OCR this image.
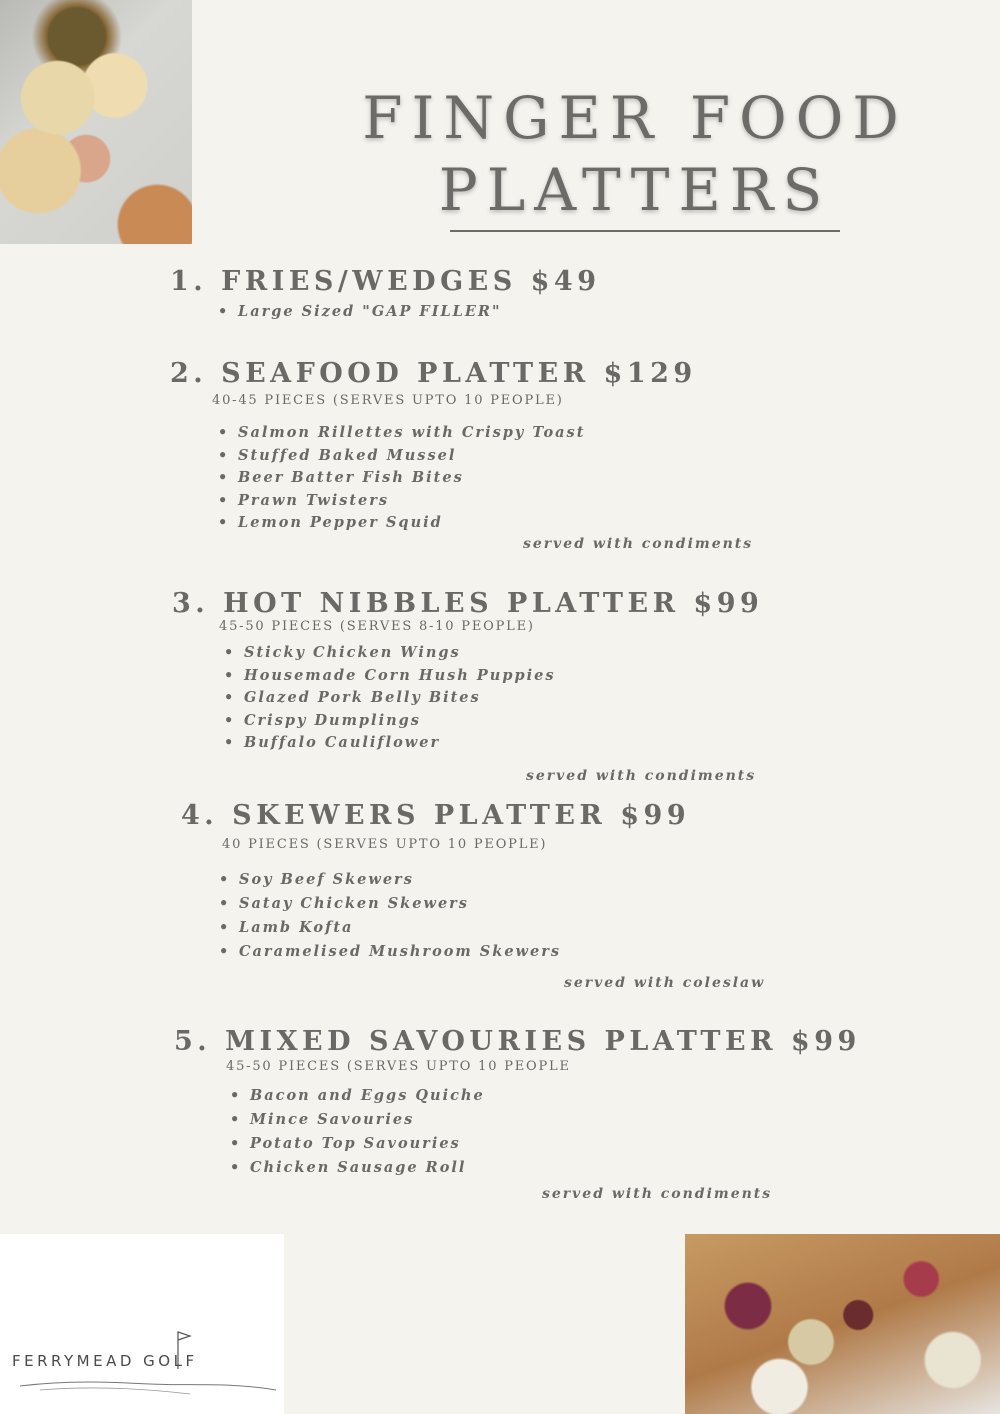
FINGER FOOD
PLATTERS
1. FRIES/WEDGES $49
• Large Sized "GAP FILLER"
2. SEAFOOD PLATTER $129
40-45 PIECES (SERVES UPTO 10 PEOPLE)
• Salmon Rillettes with Crispy Toast
• Stuffed Baked Mussel
• Beer Batter Fish Bites
• Prawn Twisters
• Lemon Pepper Squid
served with condiments
3. HOT NIBBLES PLATTER $99
45-50 PIECES (SERVES 8-10 PEOPLE)
• Sticky Chicken Wings
• Housemade Corn Hush Puppies
• Glazed Pork Belly Bites
• Crispy Dumplings
• Buffalo Cauliflower
served with condiments
4. SKEWERS PLATTER $99
40 PIECES (SERVES UPTO 10 PEOPLE)
• Soy Beef Skewers
• Satay Chicken Skewers
• Lamb Kofta
• Caramelised Mushroom Skewers
served with coleslaw
5. MIXED SAVOURIES PLATTER $99
45-50 PIECES (SERVES UPTO 10 PEOPLE
• Bacon and Eggs Quiche
• Mince Savouries
• Potato Top Savouries
• Chicken Sausage Roll
served with condiments
FERRYMEAD GOLF
